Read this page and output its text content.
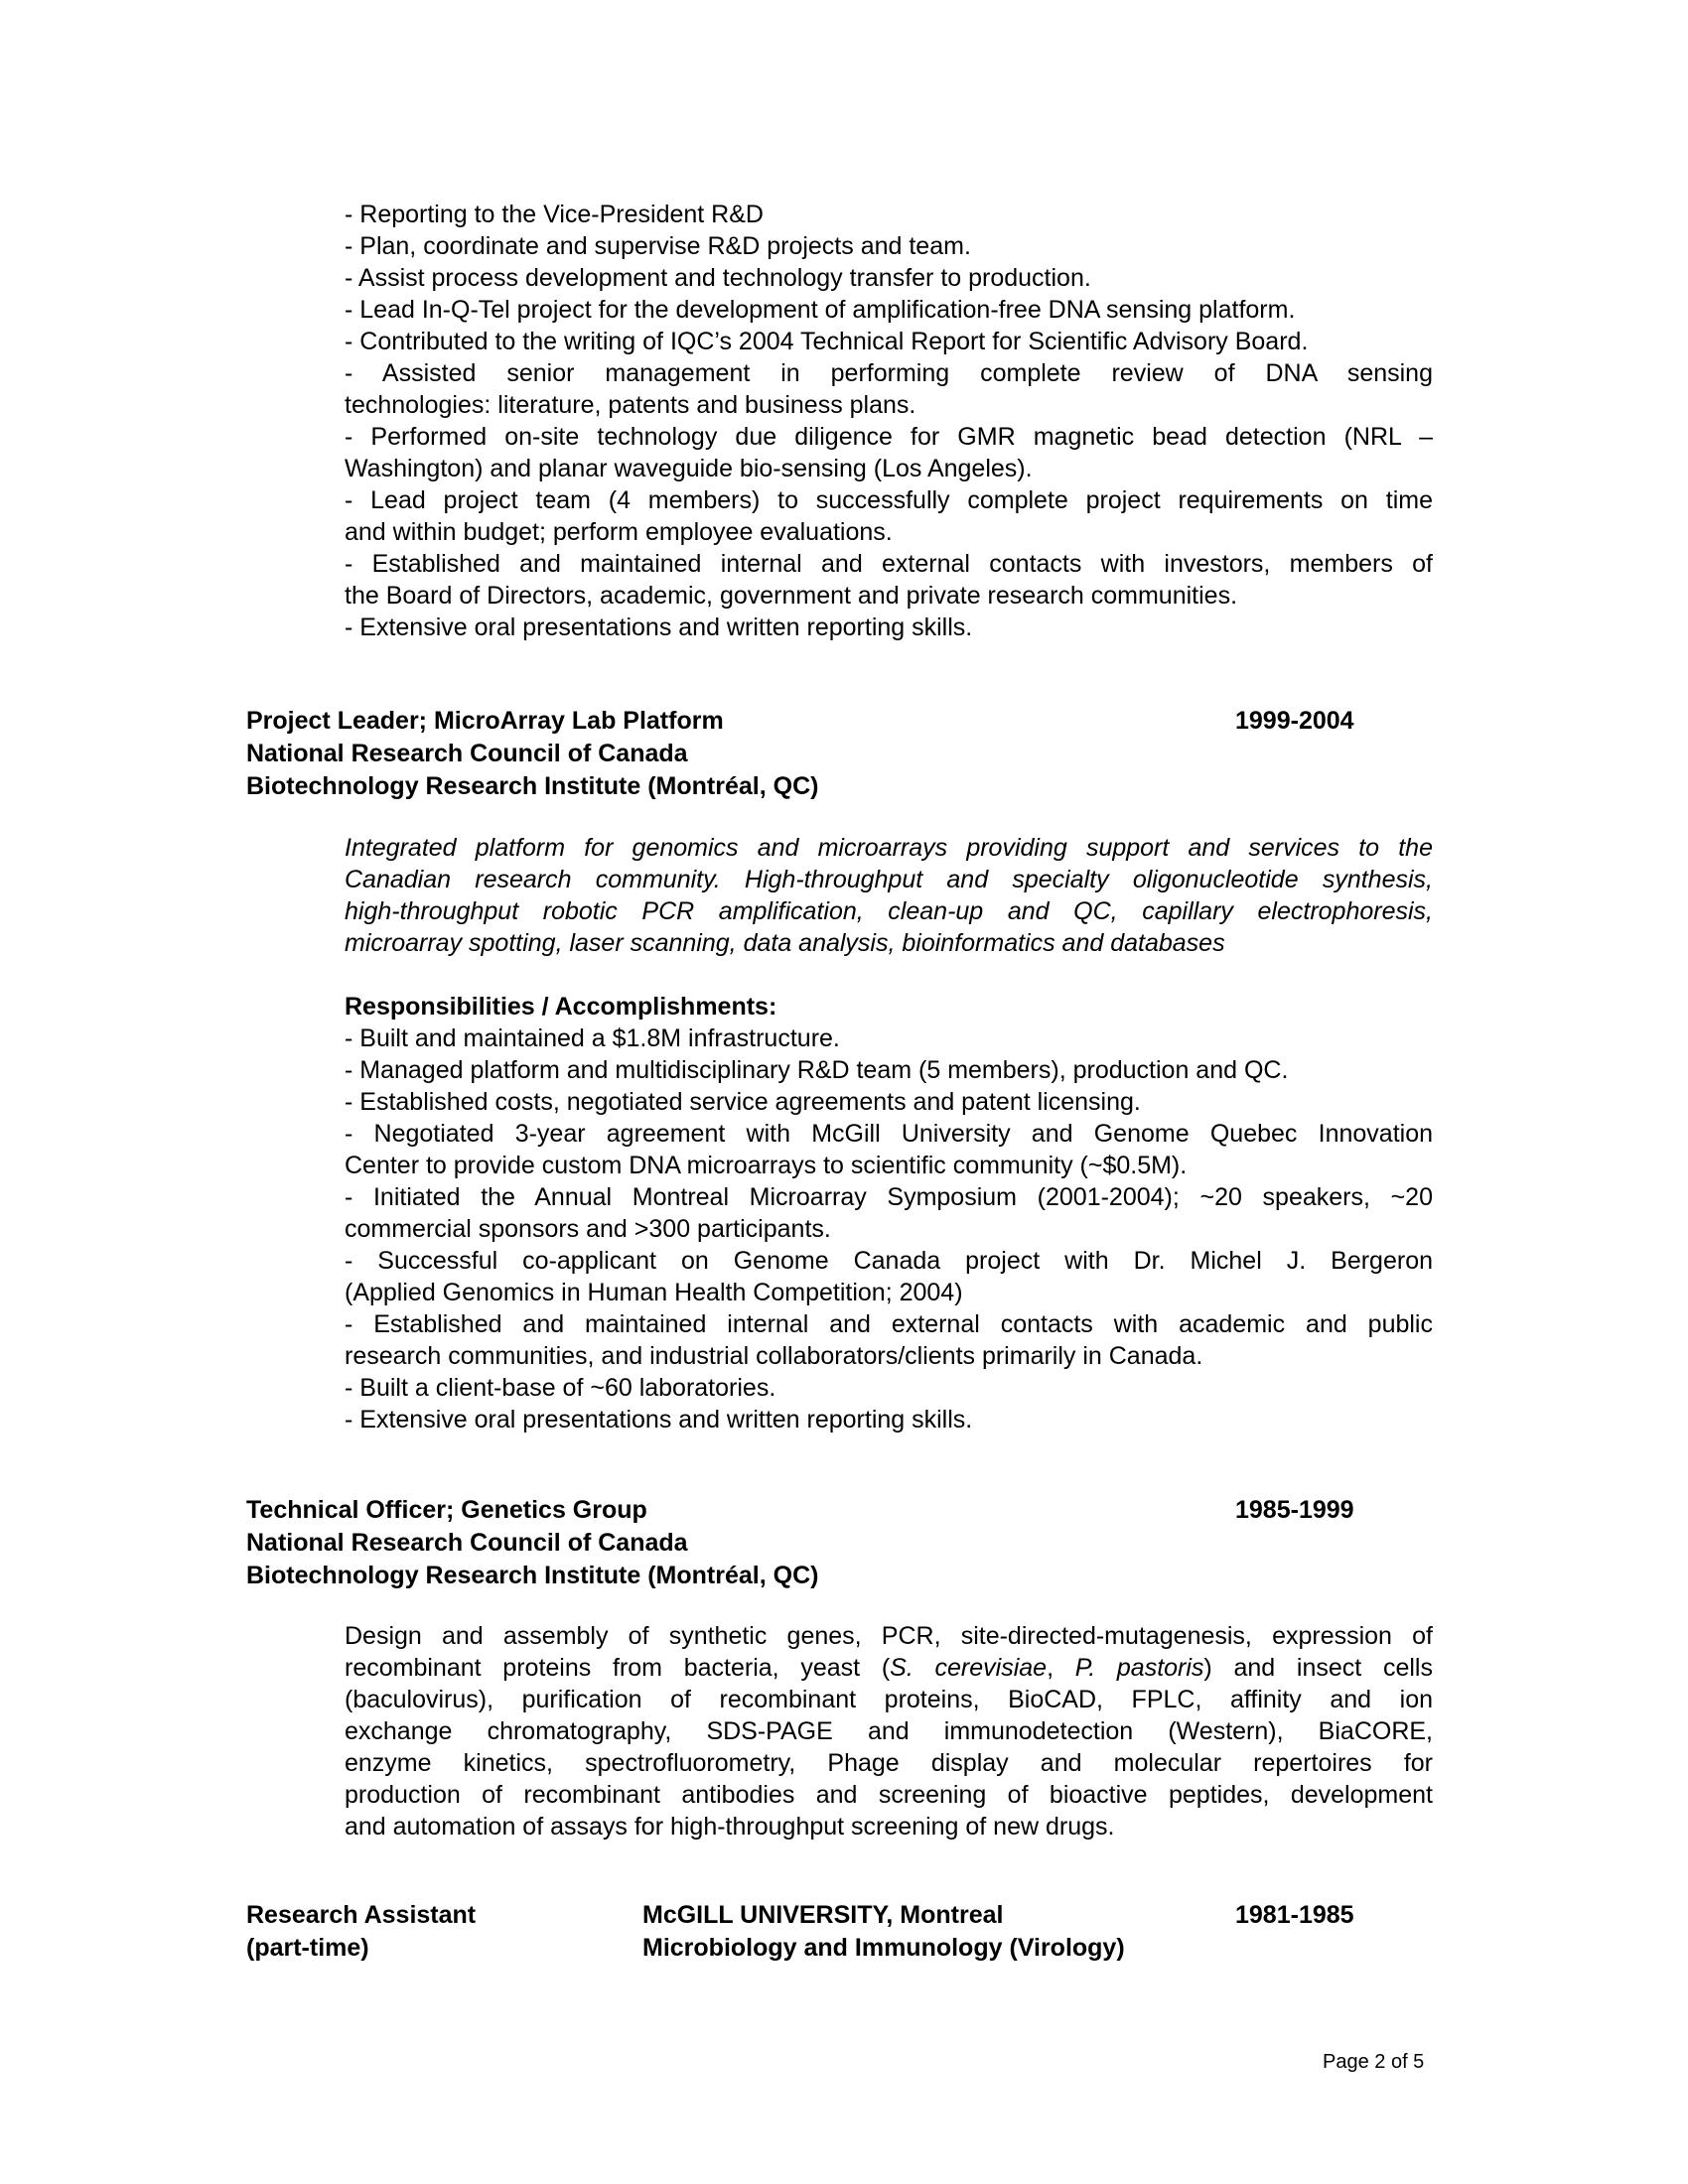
- Reporting to the Vice-President R&D
- Plan, coordinate and supervise R&D projects and team.
- Assist process development and technology transfer to production.
- Lead In-Q-Tel project for the development of amplification-free DNA sensing platform.
- Contributed to the writing of IQC’s 2004 Technical Report for Scientific Advisory Board.
- Assisted senior management in performing complete review of DNA sensing
technologies: literature, patents and business plans.
- Performed on-site technology due diligence for GMR magnetic bead detection (NRL –
Washington) and planar waveguide bio-sensing (Los Angeles).
- Lead project team (4 members) to successfully complete project requirements on time
and within budget; perform employee evaluations.
- Established and maintained internal and external contacts with investors, members of
the Board of Directors, academic, government and private research communities.
- Extensive oral presentations and written reporting skills.
Project Leader; MicroArray Lab Platform	1999-2004
National Research Council of Canada
Biotechnology Research Institute (Montréal, QC)
Integrated platform for genomics and microarrays providing support and services to the
Canadian research community. High-throughput and specialty oligonucleotide synthesis,
high-throughput robotic PCR amplification, clean-up and QC, capillary electrophoresis,
microarray spotting, laser scanning, data analysis, bioinformatics and databases
Responsibilities / Accomplishments:
- Built and maintained a $1.8M infrastructure.
- Managed platform and multidisciplinary R&D team (5 members), production and QC.
- Established costs, negotiated service agreements and patent licensing.
- Negotiated 3-year agreement with McGill University and Genome Quebec Innovation
Center to provide custom DNA microarrays to scientific community (~$0.5M).
- Initiated the Annual Montreal Microarray Symposium (2001-2004); ~20 speakers, ~20
commercial sponsors and >300 participants.
- Successful co-applicant on Genome Canada project with Dr. Michel J. Bergeron
(Applied Genomics in Human Health Competition; 2004)
- Established and maintained internal and external contacts with academic and public
research communities, and industrial collaborators/clients primarily in Canada.
- Built a client-base of ~60 laboratories.
- Extensive oral presentations and written reporting skills.
Technical Officer; Genetics Group	1985-1999
National Research Council of Canada
Biotechnology Research Institute (Montréal, QC)
Design and assembly of synthetic genes, PCR, site-directed-mutagenesis, expression of
recombinant proteins from bacteria, yeast (S. cerevisiae, P. pastoris) and insect cells
(baculovirus), purification of recombinant proteins, BioCAD, FPLC, affinity and ion
exchange chromatography, SDS-PAGE and immunodetection (Western), BiaCORE,
enzyme kinetics, spectrofluorometry, Phage display and molecular repertoires for
production of recombinant antibodies and screening of bioactive peptides, development
and automation of assays for high-throughput screening of new drugs.
Research Assistant	McGILL UNIVERSITY, Montreal	1981-1985
(part-time)	Microbiology and Immunology (Virology)
Page 2 of 5
